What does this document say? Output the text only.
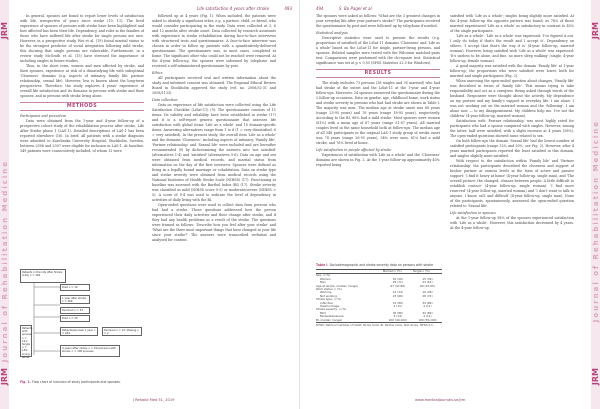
Journal of Rehabilitation Medicine
JRM
JRM
Life satisfaction 4 years after stroke	493

In general, spouses are found to report lower levels of satisfaction with life, irrespective of years since stroke (10, 11). The lived experience of spouses of persons with stroke have been highlighted and how affected has been their life. Dependency, and roles in the families of those who have suffered life after stroke for single persons are rare. However, in a prospective study, Wei et al. (19) found marital status to be the strongest predictor of social integration following mild stroke, this showing that single persons are vulnerable. Furthermore, in a review study McGrath et al. (15) have stressed the importance of including singles in future studies.

Thus, in the short term, women and men affected by stroke, and their spouses, experience at risk of a dissatisfying life with suboptimal 'Closeness' domains (e.g. aspects of intimacy, family life, partner relationship, sexual life). However, less is known about the long-term perspectives. Therefore, the study explores 4 years' experience of overall life satisfaction and its domains in persons with stroke and their spouses, and in persons with stroke living alone.

METHODS

Participants and procedure

Data were obtained from the 1-year and 4-year follow-up of a prospective cohort study of the rehabilitation process after stroke, Life After Stroke phase 1 (LAS-1). Detailed descriptions of LAS-1 has been reported elsewhere (16). In brief, all patients with a stroke diagnosis were admitted to Karolinska University Hospital, Stockholm, Sweden, between 2006 and 2007 were eligible for inclusion in LAS-1. At baseline, 349 patients were consecutively included, of whom 12 were

Patients in the Life After Stroke (LAS) n = 349
Died n = 19
1 year after stroke n = 260
Declined n = 33
Died n = 50
Patients with spouse n = 121; Single n = 139; Living alone
Patients/spouses 1 year n = 244
Declined n = 14; Missing n = 2
4 years after stroke n = 194 persons with stroke; n = 108 spouses
Fig. 1. Flow chart of inclusion of study participants and spouses.

followed up at 4 years (Fig. 1). When included, the patients were asked to identify a significant other, e.g. a partner, child, or friend, who would consider participating in the study. Data were collected at 3, 6 and 12 months after stroke onset. Data collected by research assistants with experience in stroke rehabilitation during face-to-face interviews with structured tests and questionnaires. A face-to-face interview was chosen in order to follow up patients with a quantitatively-delivered questionnaire. The questionnaire was, in most cases, completed at home. The significant other who could not be reached were removed. At the 4-year follow-up, the spouses were informed by telephone and received a self-administered questionnaire by post.

Ethics

All participants received oral and written information about the study and informed consent was obtained. The Regional Ethical Review Board in Stockholm approved the study (ref. no. 2006/32-31 and 2008/1133).

Data collection

Data on experience of life satisfaction were collected using the Life Satisfaction Checklist (LiSat-11) (9). The questionnaire consists of 11 items. Its validity and reliability have been established in stroke (17) and it is a self-report generic questionnaire that assesses life satisfaction with global items 'Life as a whole' and 10 domain-specific items. Answering alternatives range from 1 to 6 (1 = very dissatisfied, 6 = very satisfied). In the present study, the overall item 'Life as a whole' and the domains 'Closeness', including aspects of intimacy, 'Family life', 'Partner relationship' and 'Sexual life' were included and are hereafter recommended (9) by dichotomizing the answers into 'not satisfied' (alternatives 1-4) and 'satisfied' (alternatives 5-6). Data on age and sex were obtained from medical records, and marital status from information on the day of the first interview. Spouses were defined as living in a legally bound marriage or cohabitation. Data on stroke type and stroke severity were obtained from medical records using the National Institutes of Health Stroke Scale (NIHSS) (17). Functioning at baseline was assessed with the Barthel Index (BI) (17). Stroke severity was classified as mild (NIHSS score 0-5) or moderate/severe (NIHSS > 5). A score of 0-4 was used to indicate the level of dependency in activities of daily living with the BI.

Open-ended questions were used to collect data from persons who had had a stroke. These questions addressed how the person experienced their daily activities and their change after stroke, and if they had any health problems as a result of the stroke. The questions were framed as follows: 'Describe how you feel after your stroke' and 'What are the three most important things that have changed in your life since your stroke?' The answers were transcribed verbatim and analysed for content.

J Rehabil Med 51, 2019
Journal of Rehabilitation Medicine
JRM
JRM
494	S. Bo Pagel et al.

The spouses were asked as follows: 'What are the 3 greatest changes in your everyday life after your partner's stroke?' The participants received the questionnaire by post and were followed up by telephone if needed.

Statistical analysis

Descriptive statistics were used to present the results (e.g. proportions of satisfied) of the LiSat-11 domains 'Closeness' and 'Life as a whole' based on the LiSat-11 for single, partner-living persons, and spouses. Related samples were tested with the Wilcoxon matched-pairs test. Comparisons were performed with the chi-square test. Statistical significance was set at p < 0.05 (SPSS Statistics 22.0 for Windows).

RESULTS

The study includes 73 persons (38 singles and 35 married) who had had stroke at the outset and the LiSat-11 at the 1-year and 4-year follow-ups. Moreover, 24 spouses answered the questionnaire during the 2 follow-up occasions. Data on gender, age, childhood home, work status and stroke severity in persons who had had stroke are shown in Table I. The majority was men. The median age at stroke onset was 68 years (range 23-95 years) and 76 years (range 18-95 years), respectively. According to the BI, 88% had a mild stroke. Most spouses were women (81%) with a mean age of 67 years (range 51-87 years). All married couples lived in the same household both at follow-ups. The median age of all 348 participants in the original LAS-1 study group of stroke onset was 74 years (range 26-95 years), 54% were men, 61% had a mild stroke, and 76% lived at home.

Life satisfaction in people affected by stroke

Experiences of satisfaction with 'Life as a whole' and the 'Closeness' domains are shown in Fig. 2. At the 1-year follow-up approximately 40% reported being

Table I. Sociodemographic and stroke severity data on persons with stroke
	Married n (%)	Single n (%)
Sex, n (%)		
Women	10 (29)	15 (39)
Men	25 (71)	23 (61)
Age at stroke, median (range)	67 (47-80)	69 (23-95)
Work status, n (%)		
Working	12 (34)	10 (26)
Not working	23 (66)	28 (74)
Stroke type, n (%)		
Infarction	31 (89)	34 (89)
Haemorrhage	4 (11)	4 (11)
Stroke severity, n (%)		
Mild	30 (86)	34 (89)
Moderate/severe	5 (14)	4 (11)
BI, median (range)	100 (40-100)	100 (55-100)
NIHSS: National Institutes of Health Stroke Scale; BI: Barthel Index. Mild stroke: NIHSS 0-5.

satisfied with 'Life as a whole'; singles being slightly more satisfied. At the 4-year follow-up the opposite pattern was found; as 76% of those married experienced 'Life as a whole' as satisfactory in contrast to 45% of the single participants.

'Life as a whole'. 'Life as a whole' was expressed: 'I've figured it out. I only do today if that's the result and I accept it'. Dependency on others: 'I accept that that's the way it is' (4-year follow-up, married woman). However, being satisfied with 'Life as a whole' was expressed: 'It's useless to be alone, and fine, no more sleep walking' (single, 4-year follow-up, female woman).

A good majority was satisfied with the domain 'Family life' at 1-year follow-up; the proportions who were satisfied were lower, both for married and single participants (Fig. 2).

When assessing the open-ended question about changes, 'Family life' was described in terms of 'family life'. This means trying to take responsibility and act as a caregiver. Being asked through words of the husband. Responsive were thought about the activity. My dependence on my partner and my family's support in everyday life. I am alone. I was not working out on the married woman and the 'following'. I am alone now — to my disappointment. My children help me. I've not the children' (4-year follow-up, married woman).

Satisfaction with 'Partner relationship' was most highly rated for participants who had a spouse compared with singles. However, among the latter, half were satisfied, with a slight increase at 4 years (58%). The open-ended questions showed some related to sex.

On both follow-ups the domain 'Sexual life' had the lowest number of satisfied participants (range 32% and 50%, see Fig. 2). However, after 4 years married participants reported the least satisfied in this domain, and singles slightly more satisfied.

With respect to the satisfaction within 'Family life' and 'Partner relationship' the participants described the closeness and support of his/her partner at various levels in the form of active and passive support: 'I find it heavy at home' (4-year follow-up, single man), and 'The overall picture: the changed, cleaner between people. A little difficult to establish contact' (4-year follow-up, single woman). 'I find more reserved' (4-year follow-up, married woman) and 'I don't want to talk to anyone, I know, call, and difficult' (4-year follow-up, single man). None of the participants, spontaneously, answered the open-ended question related to 'Sexual life'.

Life satisfaction in spouses

At the 1-year follow-up 58% of the spouses experienced satisfaction with 'Life as a whole'. However, this satisfaction decreased by 4 years. At the 4-year follow-up,

www.medicaljournals.se/jrm
